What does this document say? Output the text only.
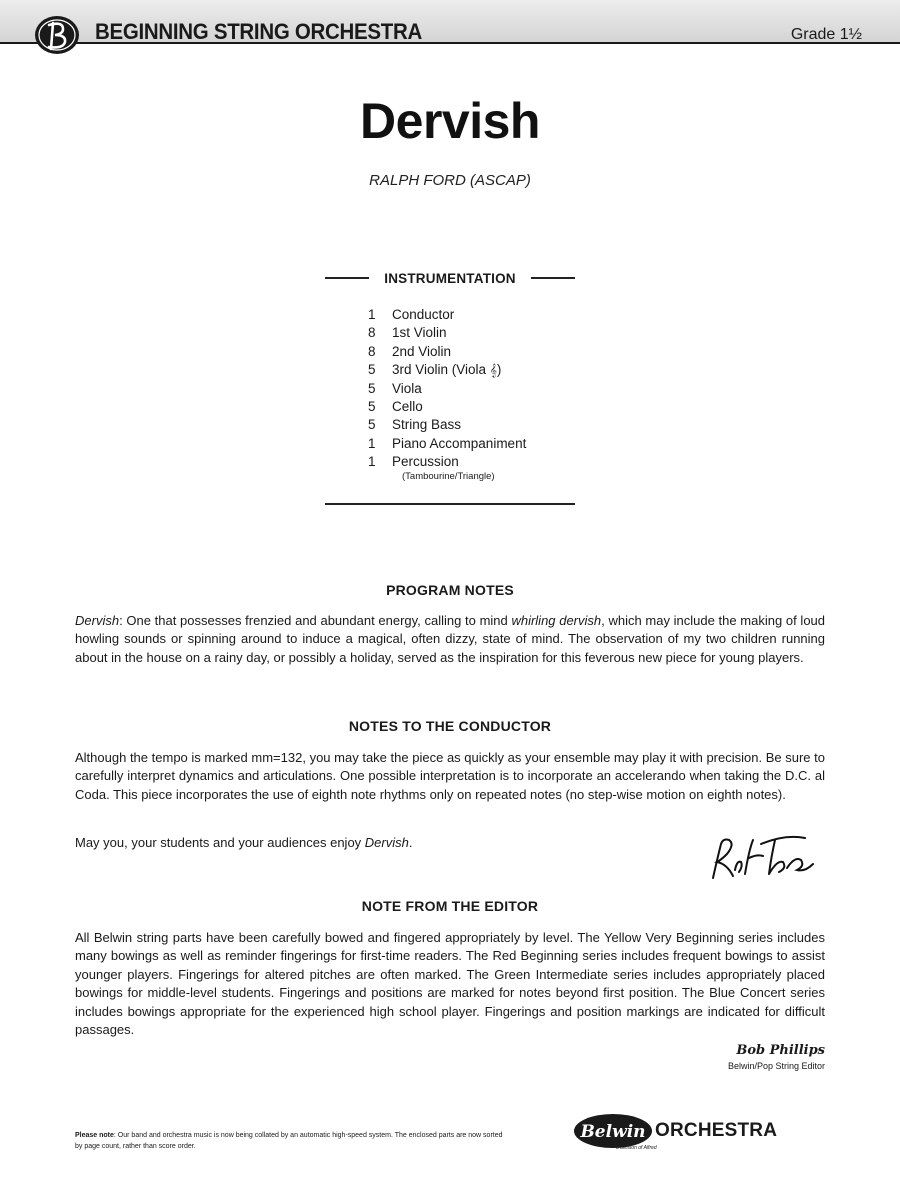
BEGINNING STRING ORCHESTRA	Grade 1½
Dervish
RALPH FORD (ASCAP)
INSTRUMENTATION
1	Conductor
8	1st Violin
8	2nd Violin
5	3rd Violin (Viola 𝄞)
5	Viola
5	Cello
5	String Bass
1	Piano Accompaniment
1	Percussion
(Tambourine/Triangle)
PROGRAM NOTES

Dervish: One that possesses frenzied and abundant energy, calling to mind whirling dervish, which may include the making of loud howling sounds or spinning around to induce a magical, often dizzy, state of mind. The observation of my two children running about in the house on a rainy day, or possibly a holiday, served as the inspiration for this feverous new piece for young players.

NOTES TO THE CONDUCTOR

Although the tempo is marked mm=132, you may take the piece as quickly as your ensemble may play it with precision. Be sure to carefully interpret dynamics and articulations. One possible interpretation is to incorporate an accelerando when taking the D.C. al Coda. This piece incorporates the use of eighth note rhythms only on repeated notes (no step-wise motion on eighth notes).

May you, your students and your audiences enjoy Dervish.

NOTE FROM THE EDITOR

All Belwin string parts have been carefully bowed and fingered appropriately by level. The Yellow Very Beginning series includes many bowings as well as reminder fingerings for first-time readers. The Red Beginning series includes frequent bowings to assist younger players. Fingerings for altered pitches are often marked. The Green Intermediate series includes appropriately placed bowings for middle-level students. Fingerings and positions are marked for notes beyond first position. The Blue Concert series includes bowings appropriate for the experienced high school player. Fingerings and position markings are indicated for difficult passages.

Bob Phillips
Belwin/Pop String Editor

Please note: Our band and orchestra music is now being collated by an automatic high-speed system. The enclosed parts are now sorted by page count, rather than score order.

Belwin ORCHESTRA
a division of Alfred
